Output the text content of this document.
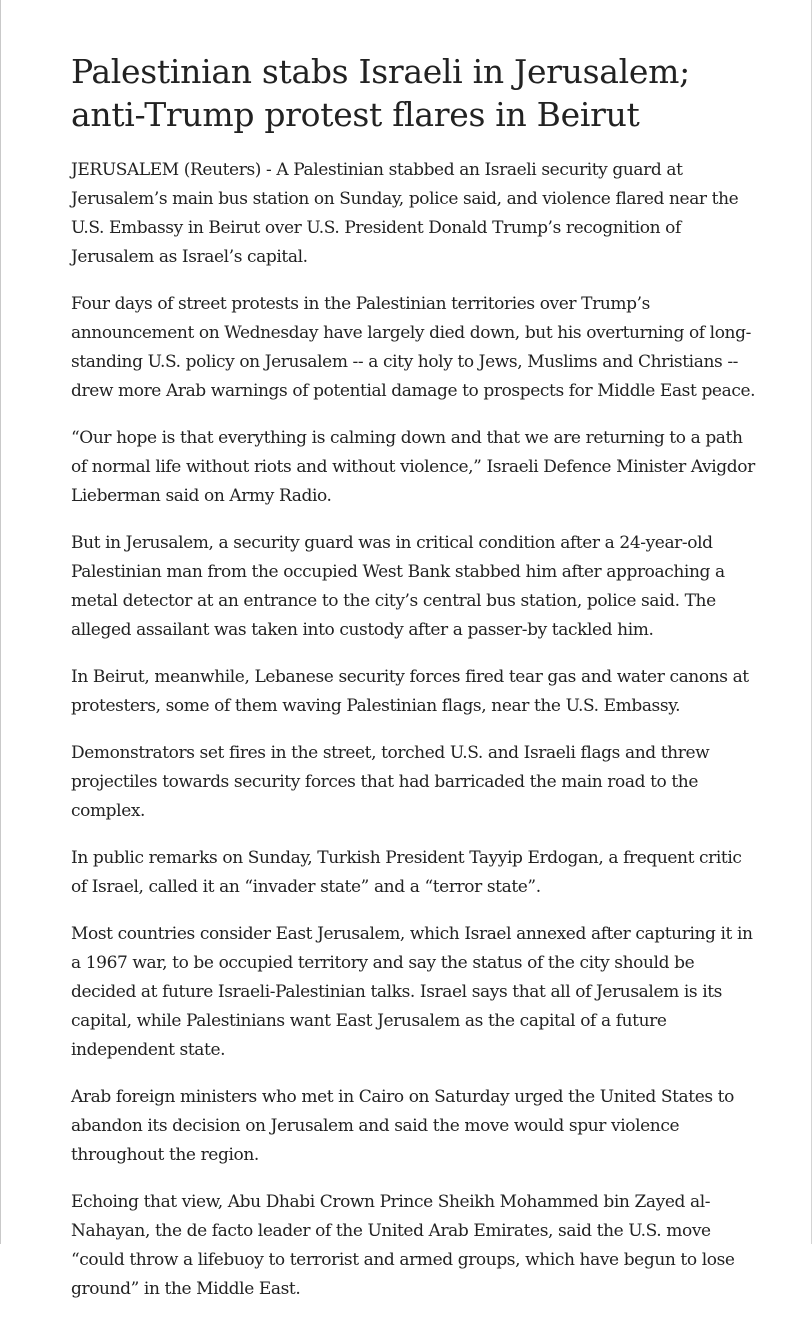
Palestinian stabs Israeli in Jerusalem; anti-Trump protest flares in Beirut

JERUSALEM (Reuters) - A Palestinian stabbed an Israeli security guard at Jerusalem’s main bus station on Sunday, police said, and violence flared near the U.S. Embassy in Beirut over U.S. President Donald Trump’s recognition of Jerusalem as Israel’s capital.

Four days of street protests in the Palestinian territories over Trump’s announcement on Wednesday have largely died down, but his overturning of long-standing U.S. policy on Jerusalem -- a city holy to Jews, Muslims and Christians -- drew more Arab warnings of potential damage to prospects for Middle East peace.

“Our hope is that everything is calming down and that we are returning to a path of normal life without riots and without violence,” Israeli Defence Minister Avigdor Lieberman said on Army Radio.

But in Jerusalem, a security guard was in critical condition after a 24-year-old Palestinian man from the occupied West Bank stabbed him after approaching a metal detector at an entrance to the city’s central bus station, police said. The alleged assailant was taken into custody after a passer-by tackled him.

In Beirut, meanwhile, Lebanese security forces fired tear gas and water canons at protesters, some of them waving Palestinian flags, near the U.S. Embassy.

Demonstrators set fires in the street, torched U.S. and Israeli flags and threw projectiles towards security forces that had barricaded the main road to the complex.

In public remarks on Sunday, Turkish President Tayyip Erdogan, a frequent critic of Israel, called it an “invader state” and a “terror state”.

Most countries consider East Jerusalem, which Israel annexed after capturing it in a 1967 war, to be occupied territory and say the status of the city should be decided at future Israeli-Palestinian talks. Israel says that all of Jerusalem is its capital, while Palestinians want East Jerusalem as the capital of a future independent state.

Arab foreign ministers who met in Cairo on Saturday urged the United States to abandon its decision on Jerusalem and said the move would spur violence throughout the region.

Echoing that view, Abu Dhabi Crown Prince Sheikh Mohammed bin Zayed al-Nahayan, the de facto leader of the United Arab Emirates, said the U.S. move “could throw a lifebuoy to terrorist and armed groups, which have begun to lose ground” in the Middle East.
